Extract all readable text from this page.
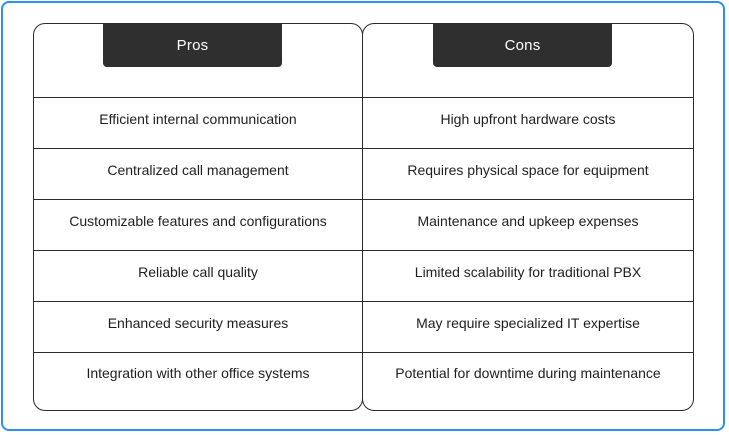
Pros
Efficient internal communication
Centralized call management
Customizable features and configurations
Reliable call quality
Enhanced security measures
Integration with other office systems
Cons
High upfront hardware costs
Requires physical space for equipment
Maintenance and upkeep expenses
Limited scalability for traditional PBX
May require specialized IT expertise
Potential for downtime during maintenance
